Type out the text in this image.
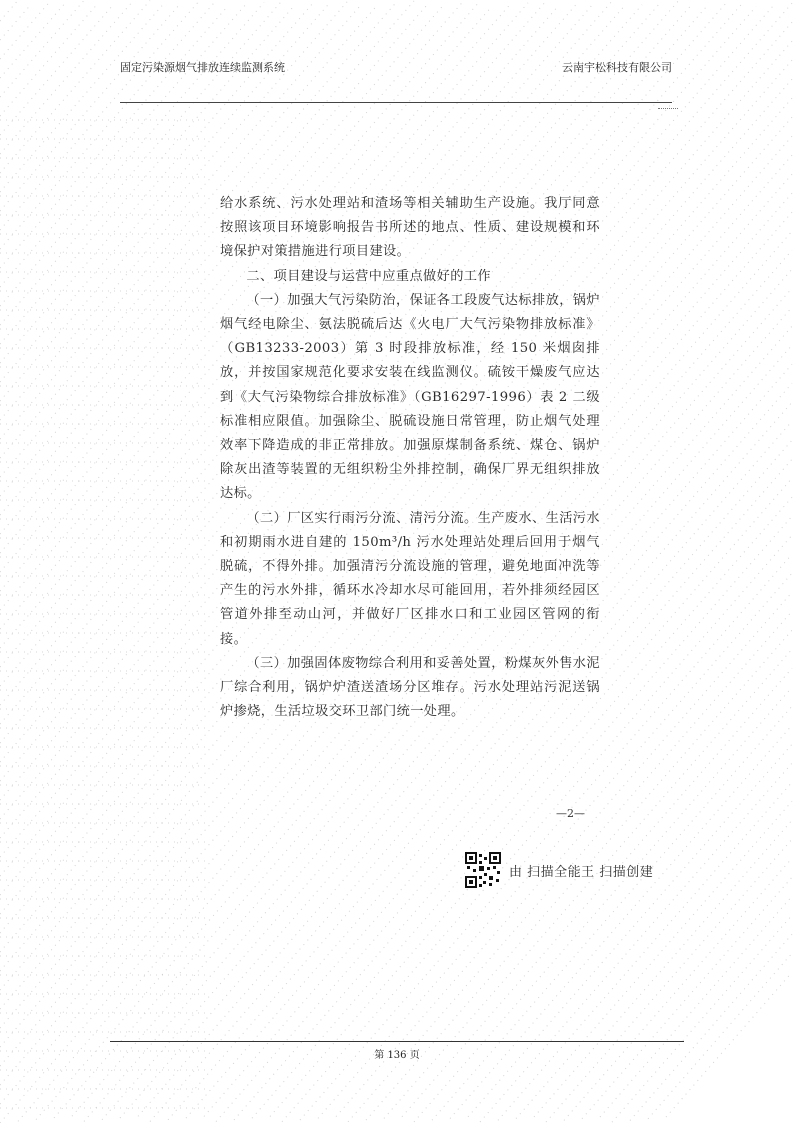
固定污染源烟气排放连续监测系统	云南宇松科技有限公司

给水系统、污水处理站和渣场等相关辅助生产设施。我厅同意按照该项目环境影响报告书所述的地点、性质、建设规模和环境保护对策措施进行项目建设。

二、项目建设与运营中应重点做好的工作

（一）加强大气污染防治，保证各工段废气达标排放，锅炉烟气经电除尘、氨法脱硫后达《火电厂大气污染物排放标准》（GB13233-2003）第 3 时段排放标准，经 150 米烟囱排放，并按国家规范化要求安装在线监测仪。硫铵干燥废气应达到《大气污染物综合排放标准》（GB16297-1996）表 2 二级标准相应限值。加强除尘、脱硫设施日常管理，防止烟气处理效率下降造成的非正常排放。加强原煤制备系统、煤仓、锅炉除灰出渣等装置的无组织粉尘外排控制，确保厂界无组织排放达标。

（二）厂区实行雨污分流、清污分流。生产废水、生活污水和初期雨水进自建的 150m³/h 污水处理站处理后回用于烟气脱硫，不得外排。加强清污分流设施的管理，避免地面冲洗等产生的污水外排，循环水冷却水尽可能回用，若外排须经园区管道外排至动山河，并做好厂区排水口和工业园区管网的衔接。

（三）加强固体废物综合利用和妥善处置，粉煤灰外售水泥厂综合利用，锅炉炉渣送渣场分区堆存。污水处理站污泥送锅炉掺烧，生活垃圾交环卫部门统一处理。

—2—
由 扫描全能王 扫描创建
第 136 页
